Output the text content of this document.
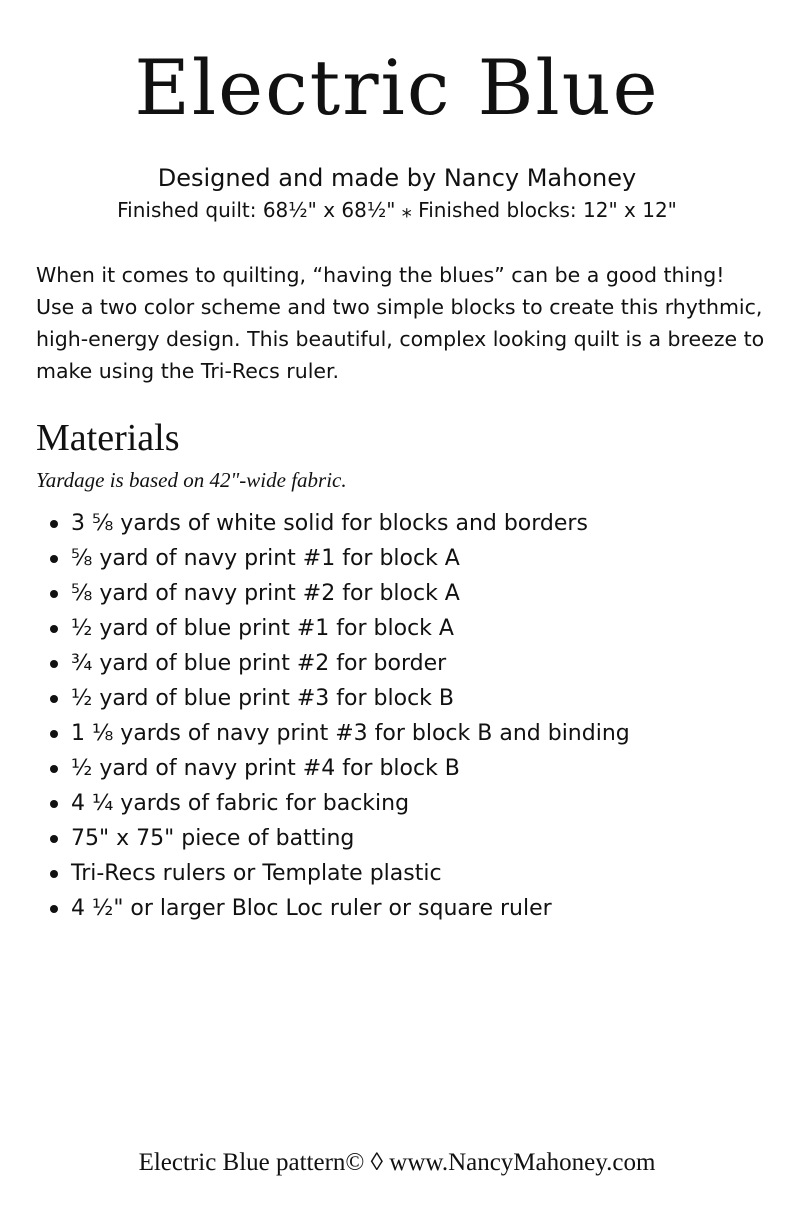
Electric Blue
Designed and made by Nancy Mahoney
Finished quilt: 68½" x 68½" ⁎ Finished blocks: 12" x 12"

When it comes to quilting, “having the blues” can be a good thing! Use a two color scheme and two simple blocks to create this rhythmic, high-energy design. This beautiful, complex looking quilt is a breeze to make using the Tri-Recs ruler.

Materials
Yardage is based on 42"-wide fabric.
3 ⅝ yards of white solid for blocks and borders
⅝ yard of navy print #1 for block A
⅝ yard of navy print #2 for block A
½ yard of blue print #1 for block A
¾ yard of blue print #2 for border
½ yard of blue print #3 for block B
1 ⅛ yards of navy print #3 for block B and binding
½ yard of navy print #4 for block B
4 ¼ yards of fabric for backing
75" x 75" piece of batting
Tri-Recs rulers or Template plastic
4 ½" or larger Bloc Loc ruler or square ruler
Electric Blue pattern© ◊ www.NancyMahoney.com
